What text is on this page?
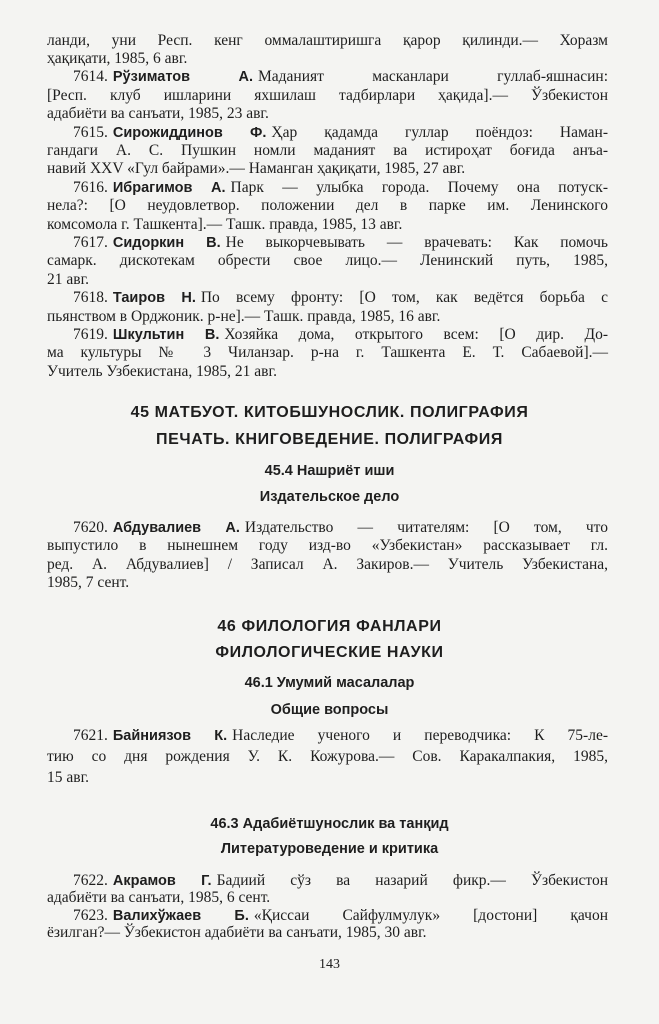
ланди, уни Респ. кенг оммалаштиришга қарор қилинди.— Хоразм
ҳақиқати, 1985, 6 авг.
7614. Рўзиматов А. Маданият масканлари гуллаб-яшнасин:
[Респ. клуб ишларини яхшилаш тадбирлари ҳақида].— Ўзбекистон
адабиёти ва санъати, 1985, 23 авг.
7615. Сирожиддинов Ф. Ҳар қадамда гуллар поёндоз: Наман-
гандаги А. С. Пушкин номли маданият ва истироҳат боғида анъа-
навий XXV «Гул байрами».— Наманган ҳақиқати, 1985, 27 авг.
7616. Ибрагимов А. Парк — улыбка города. Почему она потуск-
нела?: [О неудовлетвор. положении дел в парке им. Ленинского
комсомола г. Ташкента].— Ташк. правда, 1985, 13 авг.
7617. Сидоркин В. Не выкорчевывать — врачевать: Как помочь
самарк. дискотекам обрести свое лицо.— Ленинский путь, 1985,
21 авг.
7618. Таиров Н. По всему фронту: [О том, как ведётся борьба с
пьянством в Орджоник. р-не].— Ташк. правда, 1985, 16 авг.
7619. Шкультин В. Хозяйка дома, открытого всем: [О дир. До-
ма культуры № 3 Чиланзар. р-на г. Ташкента Е. Т. Сабаевой].—
Учитель Узбекистана, 1985, 21 авг.
45 МАТБУОТ. КИТОБШУНОСЛИК. ПОЛИГРАФИЯ
ПЕЧАТЬ. КНИГОВЕДЕНИЕ. ПОЛИГРАФИЯ
45.4 Нашриёт иши
Издательское дело
46 ФИЛОЛОГИЯ ФАНЛАРИ
ФИЛОЛОГИЧЕСКИЕ НАУКИ
46.1 Умумий масалалар
Общие вопросы
46.3 Адабиётшунослик ва танқид
Литературоведение и критика
7620. Абдувалиев А. Издательство — читателям: [О том, что
выпустило в нынешнем году изд-во «Узбекистан» рассказывает гл.
ред. А. Абдувалиев] / Записал А. Закиров.— Учитель Узбекистана,
1985, 7 сент.
7621. Байниязов К. Наследие ученого и переводчика: К 75-ле-
тию со дня рождения У. К. Кожурова.— Сов. Каракалпакия, 1985,
15 авг.
7622. Акрамов Г. Бадиий сўз ва назарий фикр.— Ўзбекистон
адабиёти ва санъати, 1985, 6 сент.
7623. Валихўжаев Б. «Қиссаи Сайфулмулук» [достони] қачон
ёзилган?— Ўзбекистон адабиёти ва санъати, 1985, 30 авг.
143
